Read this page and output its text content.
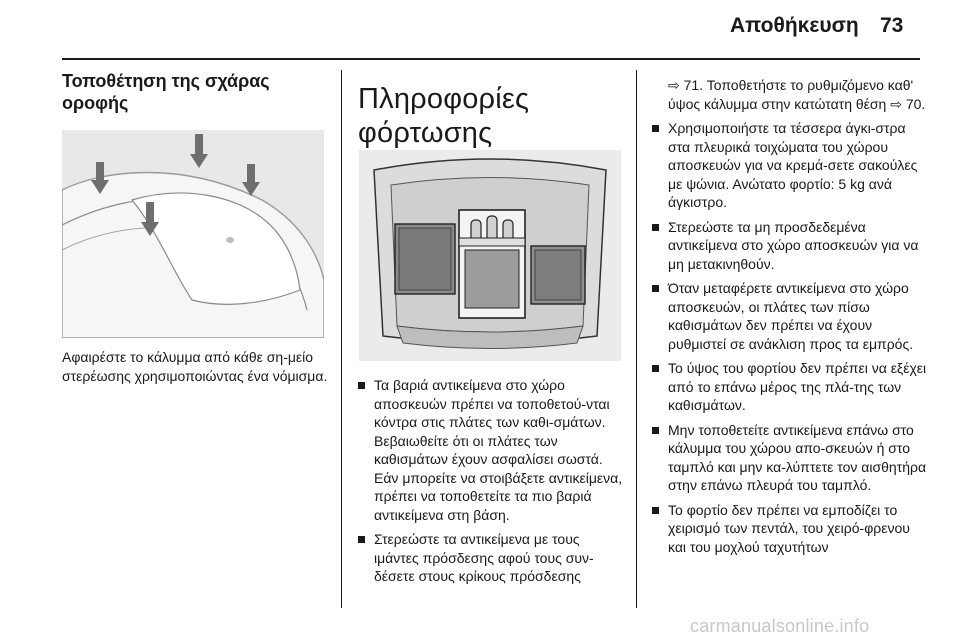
Αποθήκευση 73
Τοποθέτηση της σχάρας οροφής

Αφαιρέστε το κάλυμμα από κάθε ση-μείο στερέωσης χρησιμοποιώντας ένα νόμισμα.

Πληροφορίες φόρτωσης
Τα βαριά αντικείμενα στο χώρο αποσκευών πρέπει να τοποθετού-νται κόντρα στις πλάτες των καθι-σμάτων. Βεβαιωθείτε ότι οι πλάτες των καθισμάτων έχουν ασφαλίσει σωστά. Εάν μπορείτε να στοιβάξετε αντικείμενα, πρέπει να τοποθετείτε τα πιο βαριά αντικείμενα στη βάση.
Στερεώστε τα αντικείμενα με τους ιμάντες πρόσδεσης αφού τους συν-δέσετε στους κρίκους πρόσδεσης

⇨ 71. Τοποθετήστε το ρυθμιζόμενο καθ' ύψος κάλυμμα στην κατώτατη θέση ⇨ 70.

Χρησιμοποιήστε τα τέσσερα άγκι-στρα στα πλευρικά τοιχώματα του χώρου αποσκευών για να κρεμά-σετε σακούλες με ψώνια. Ανώτατο φορτίο: 5 kg ανά άγκιστρο.
Στερεώστε τα μη προσδεδεμένα αντικείμενα στο χώρο αποσκευών για να μη μετακινηθούν.
Όταν μεταφέρετε αντικείμενα στο χώρο αποσκευών, οι πλάτες των πίσω καθισμάτων δεν πρέπει να έχουν ρυθμιστεί σε ανάκλιση προς τα εμπρός.
Το ύψος του φορτίου δεν πρέπει να εξέχει από το επάνω μέρος της πλά-της των καθισμάτων.
Μην τοποθετείτε αντικείμενα επάνω στο κάλυμμα του χώρου απο-σκευών ή στο ταμπλό και μην κα-λύπτετε τον αισθητήρα στην επάνω πλευρά του ταμπλό.
Το φορτίο δεν πρέπει να εμποδίζει το χειρισμό των πεντάλ, του χειρό-φρενου και του μοχλού ταχυτήτων
carmanualsonline.info
